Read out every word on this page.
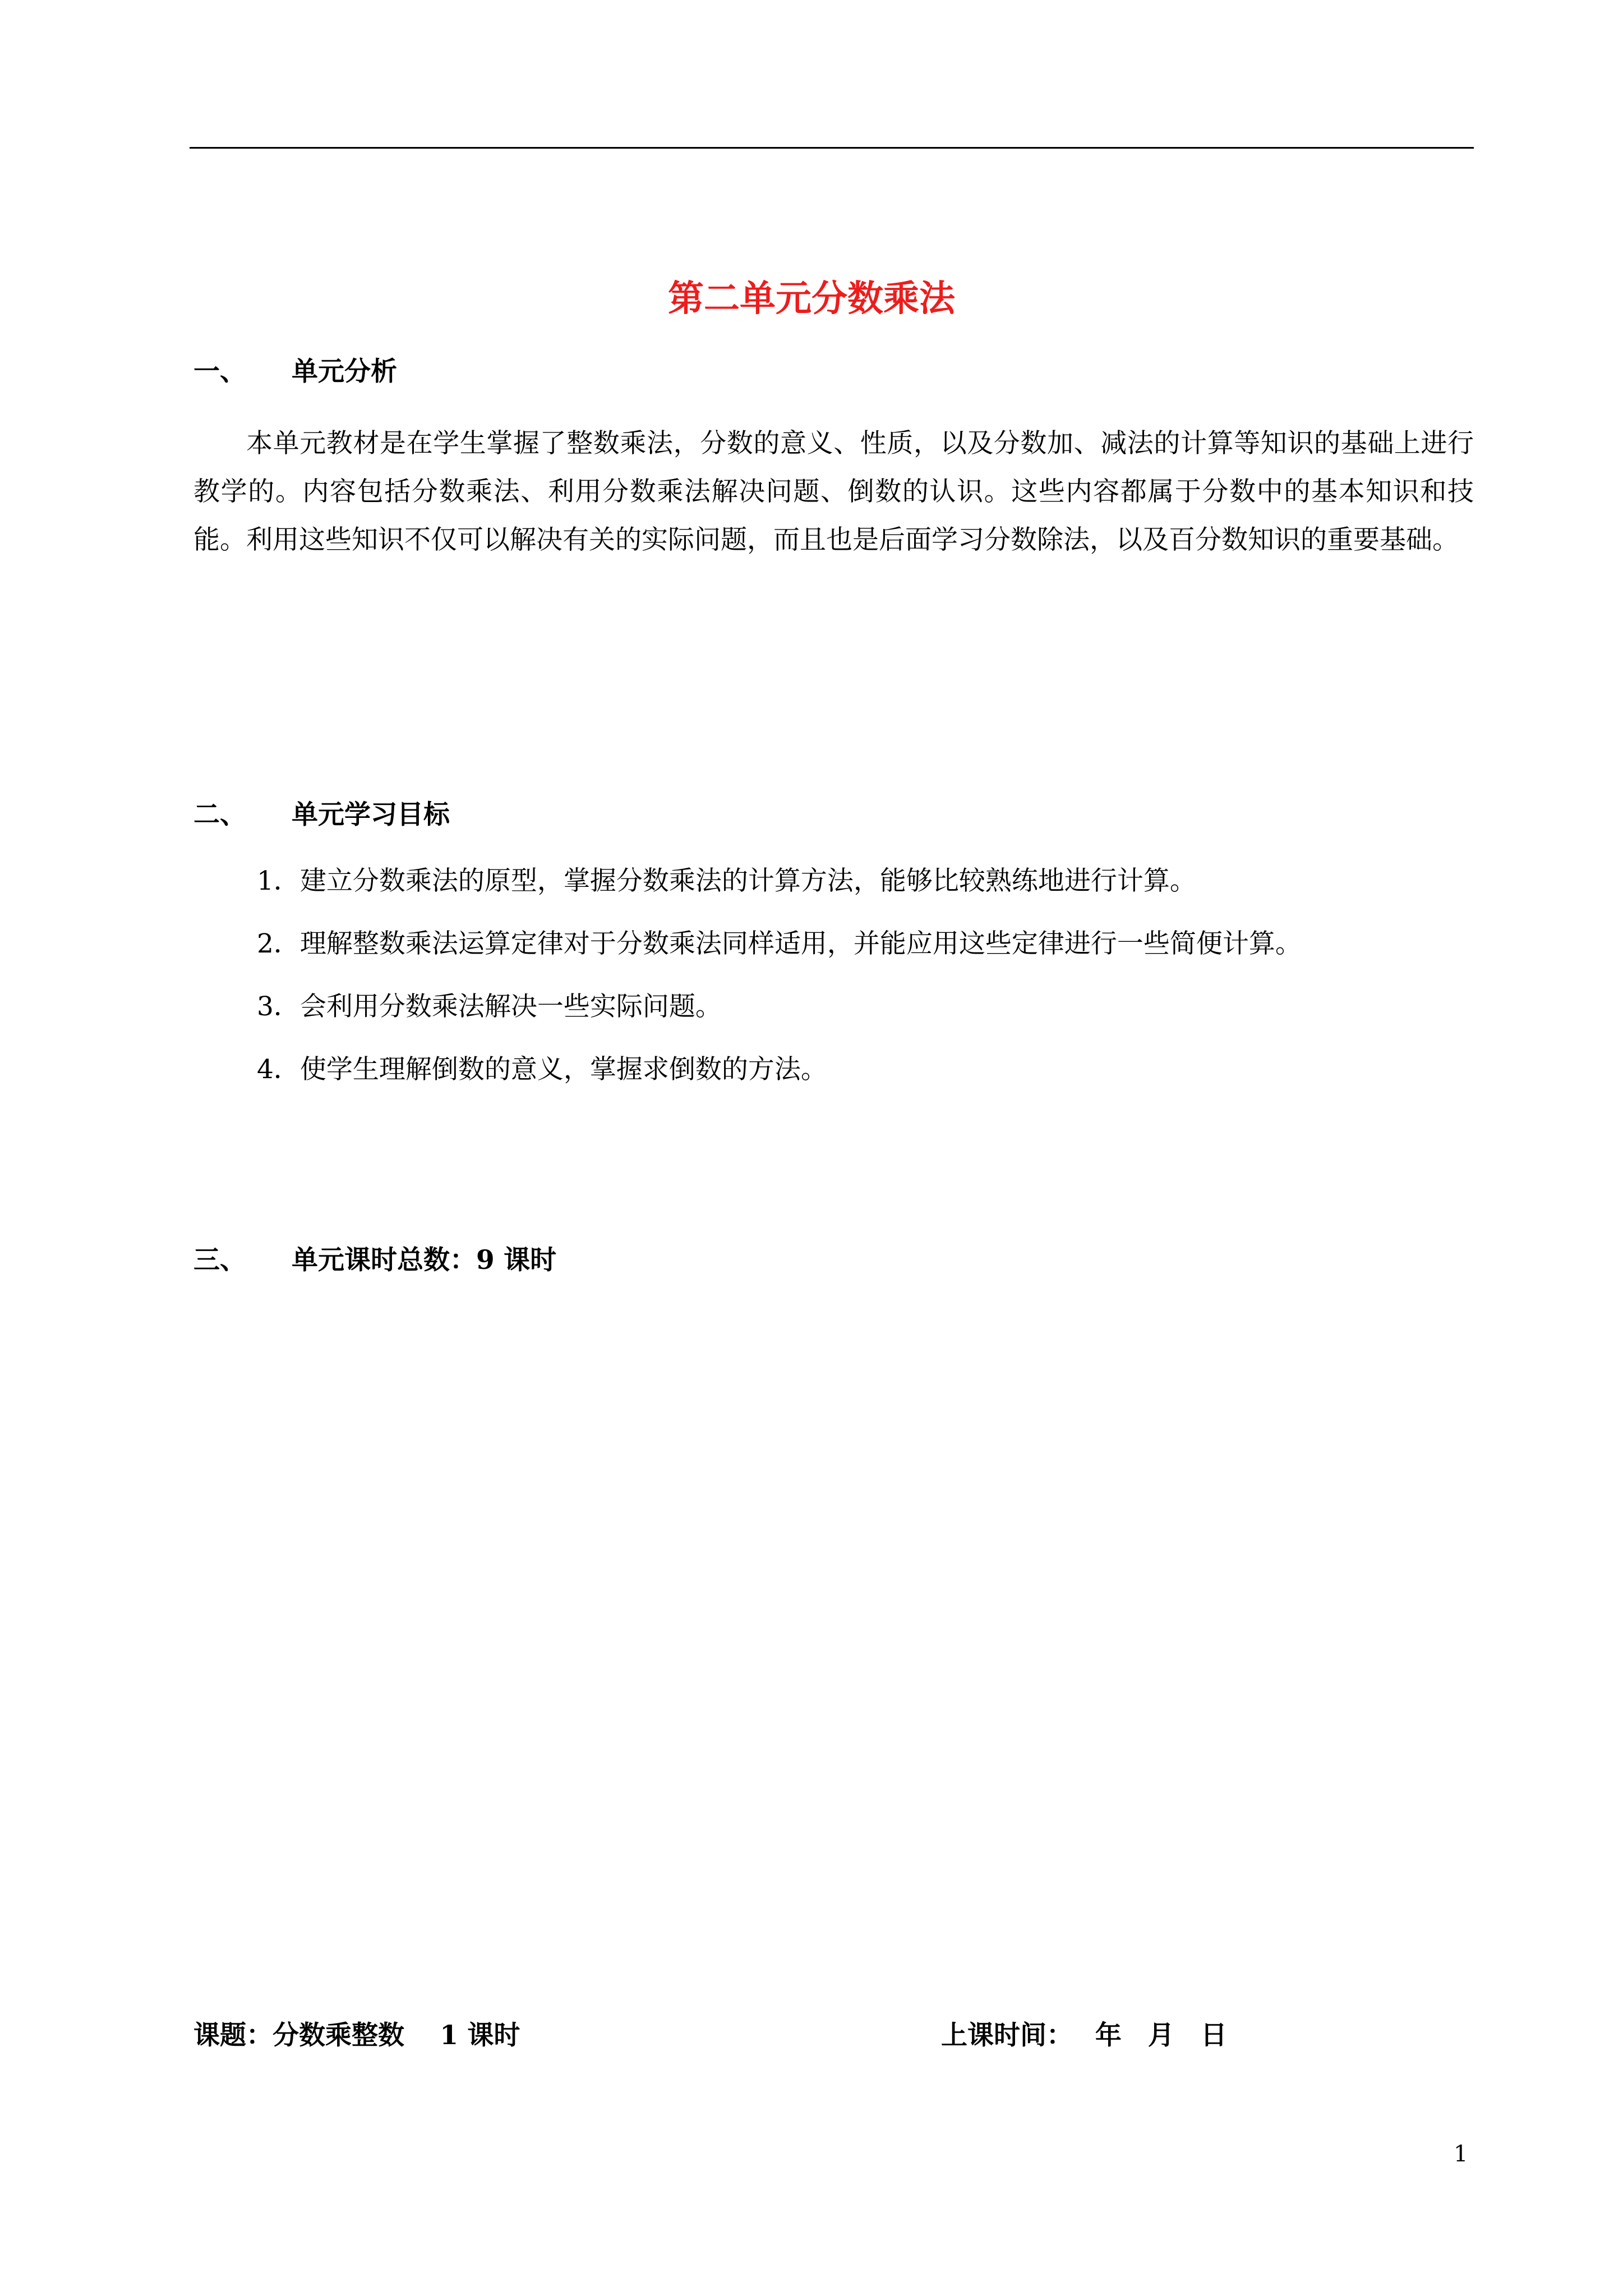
第二单元分数乘法
一、 单元分析
本单元教材是在学生掌握了整数乘法，分数的意义、性质，以及分数加、减法的计算等知识的基础上进行教学的。内容包括分数乘法、利用分数乘法解决问题、倒数的认识。这些内容都属于分数中的基本知识和技能。利用这些知识不仅可以解决有关的实际问题，而且也是后面学习分数除法，以及百分数知识的重要基础。
二、 单元学习目标
1．建立分数乘法的原型，掌握分数乘法的计算方法，能够比较熟练地进行计算。
2．理解整数乘法运算定律对于分数乘法同样适用，并能应用这些定律进行一些简便计算。
3．会利用分数乘法解决一些实际问题。
4．使学生理解倒数的意义，掌握求倒数的方法。
三、 单元课时总数：9 课时
课题：分数乘整数　 1 课时	上课时间：　 年　月　日
1
